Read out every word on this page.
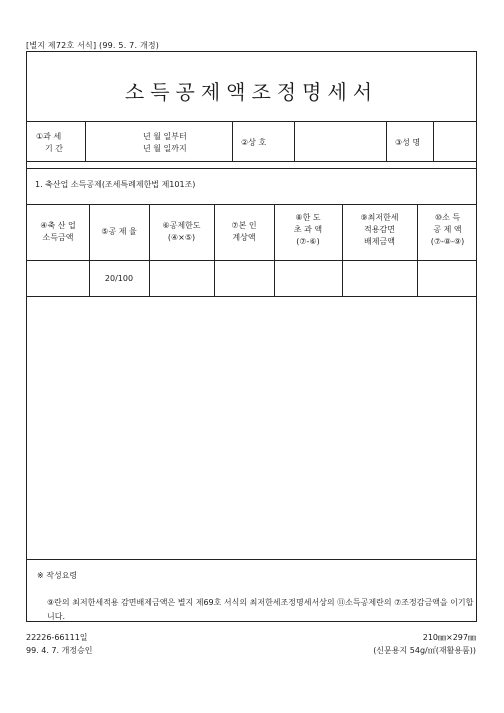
[별지 제72호 서식] (99. 5. 7. 개정)
소득공제액조정명세서
①과 세
기 간
년 월 일부터
년 월 일까지
②상 호	③성 명
1. 축산업 소득공제(조세특례제한법 제101조)
④축 산 업
소득금액
⑤공 제 율
⑥공제한도
(④×⑤)
⑦본 인
계상액
⑧한 도
초 과 액
(⑦-⑥)
⑨최저한세
적용감면
배제금액
⑩소 득
공 제 액
(⑦-⑧-⑨)
20/100
※ 작성요령
⑨란의 최저한세적용 감면배제금액은 별지 제69호 서식의 최저한세조정명세서상의 ⑪소득공제란의 ⑦조정감금액을 이기합니다.
22226-66111일
99. 4. 7. 개정승인
210㎜×297㎜
(신문용지 54g/㎡(재활용품))
